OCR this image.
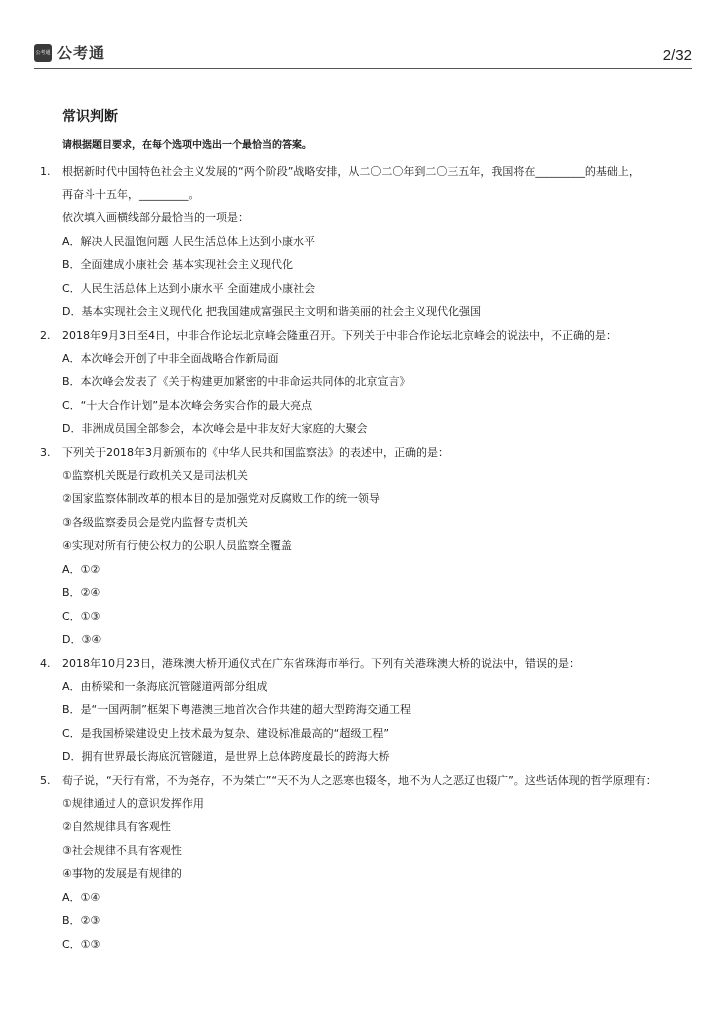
公考通 公考通	2/32
常识判断
请根据题目要求，在每个选项中选出一个最恰当的答案。
1. 根据新时代中国特色社会主义发展的“两个阶段”战略安排，从二〇二〇年到二〇三五年，我国将在_________的基础上，
再奋斗十五年，_________。
依次填入画横线部分最恰当的一项是：
A．解决人民温饱问题 人民生活总体上达到小康水平
B．全面建成小康社会 基本实现社会主义现代化
C．人民生活总体上达到小康水平 全面建成小康社会
D．基本实现社会主义现代化 把我国建成富强民主文明和谐美丽的社会主义现代化强国
2. 2018年9月3日至4日，中非合作论坛北京峰会隆重召开。下列关于中非合作论坛北京峰会的说法中，不正确的是：
A．本次峰会开创了中非全面战略合作新局面
B．本次峰会发表了《关于构建更加紧密的中非命运共同体的北京宣言》
C．“十大合作计划”是本次峰会务实合作的最大亮点
D．非洲成员国全部参会，本次峰会是中非友好大家庭的大聚会
3. 下列关于2018年3月新颁布的《中华人民共和国监察法》的表述中，正确的是：
①监察机关既是行政机关又是司法机关
②国家监察体制改革的根本目的是加强党对反腐败工作的统一领导
③各级监察委员会是党内监督专责机关
④实现对所有行使公权力的公职人员监察全覆盖
A．①②
B．②④
C．①③
D．③④
4. 2018年10月23日，港珠澳大桥开通仪式在广东省珠海市举行。下列有关港珠澳大桥的说法中，错误的是：
A．由桥梁和一条海底沉管隧道两部分组成
B．是“一国两制”框架下粤港澳三地首次合作共建的超大型跨海交通工程
C．是我国桥梁建设史上技术最为复杂、建设标准最高的“超级工程”
D．拥有世界最长海底沉管隧道，是世界上总体跨度最长的跨海大桥
5. 荀子说，“天行有常，不为尧存，不为桀亡”“天不为人之恶寒也辍冬，地不为人之恶辽也辍广”。这些话体现的哲学原理有：
①规律通过人的意识发挥作用
②自然规律具有客观性
③社会规律不具有客观性
④事物的发展是有规律的
A．①④
B．②③
C．①③
